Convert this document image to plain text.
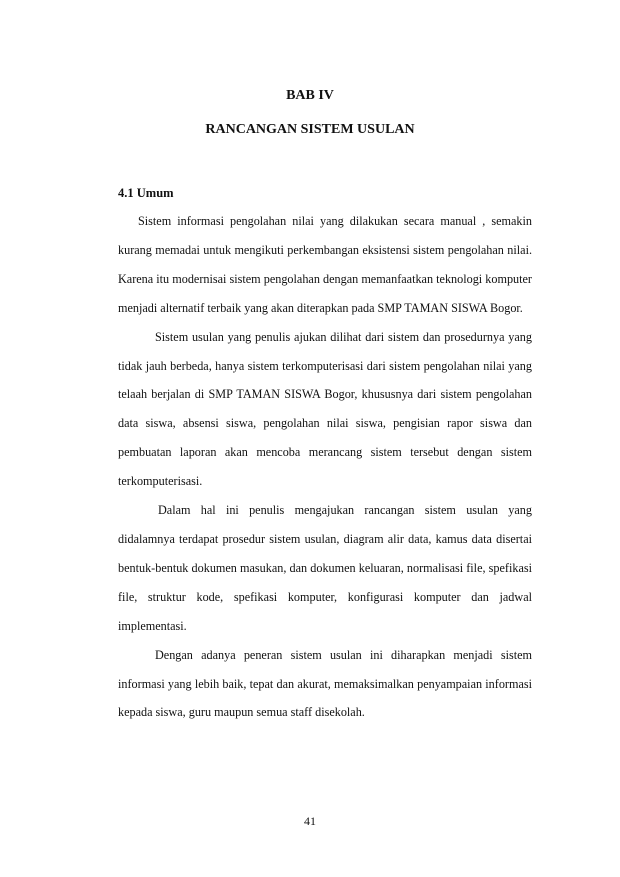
BAB IV
RANCANGAN SISTEM USULAN
4.1 Umum

Sistem informasi pengolahan nilai yang dilakukan secara manual , semakin kurang memadai untuk mengikuti perkembangan eksistensi sistem pengolahan nilai. Karena itu modernisai sistem pengolahan dengan memanfaatkan teknologi komputer menjadi alternatif terbaik yang akan diterapkan pada SMP TAMAN SISWA Bogor.

Sistem usulan yang penulis ajukan dilihat dari sistem dan prosedurnya yang tidak jauh berbeda, hanya sistem terkomputerisasi dari sistem pengolahan nilai yang telaah berjalan di SMP TAMAN SISWA Bogor, khususnya dari sistem pengolahan data siswa, absensi siswa, pengolahan nilai siswa, pengisian rapor siswa dan pembuatan laporan akan mencoba merancang sistem tersebut dengan sistem terkomputerisasi.

Dalam hal ini penulis mengajukan rancangan sistem usulan yang didalamnya terdapat prosedur sistem usulan, diagram alir data, kamus data disertai bentuk-bentuk dokumen masukan, dan dokumen keluaran, normalisasi file, spefikasi file, struktur kode, spefikasi komputer, konfigurasi komputer dan jadwal implementasi.

Dengan adanya peneran sistem usulan ini diharapkan menjadi sistem informasi yang lebih baik, tepat dan akurat, memaksimalkan penyampaian informasi kepada siswa, guru maupun semua staff disekolah.

41
